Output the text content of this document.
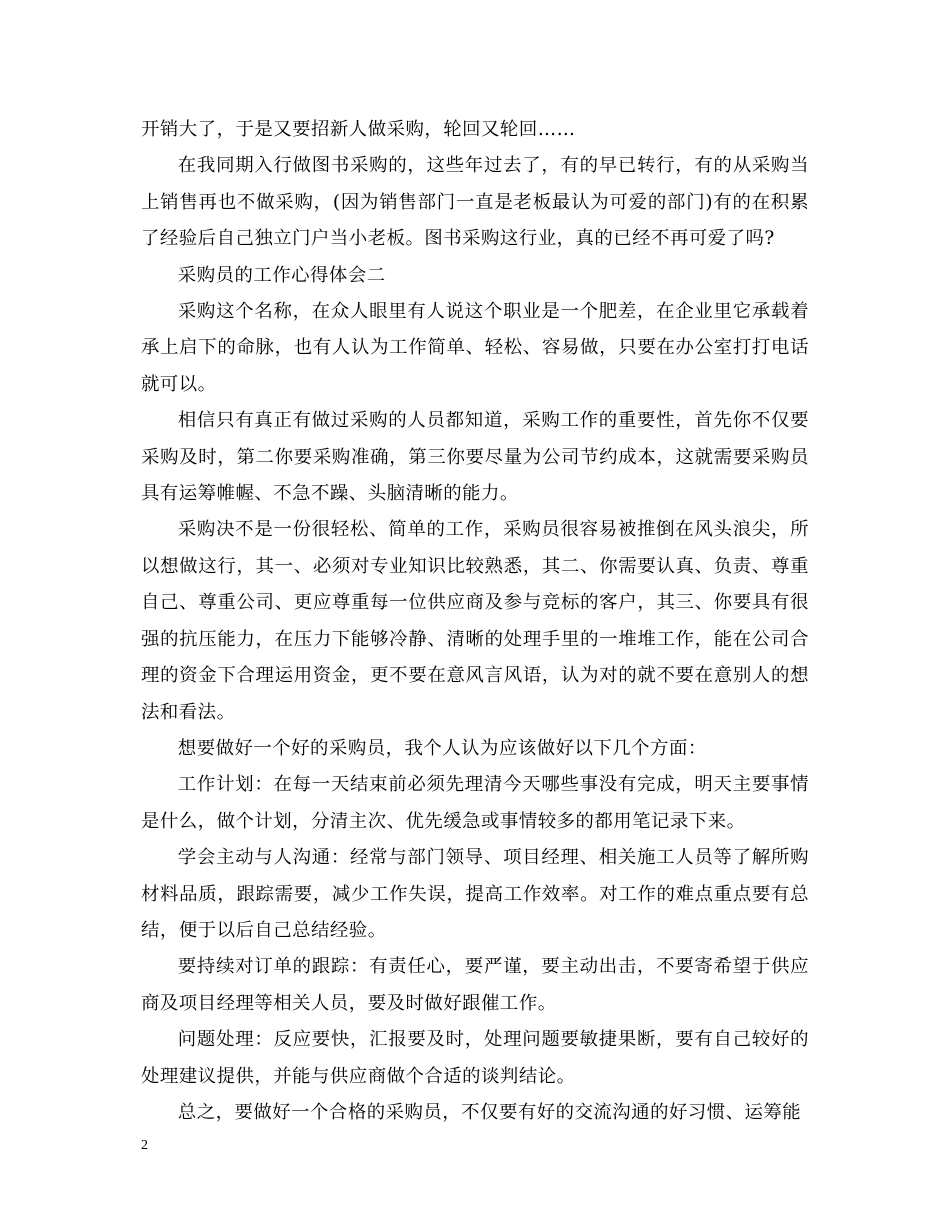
开销大了，于是又要招新人做采购，轮回又轮回……

在我同期入行做图书采购的，这些年过去了，有的早已转行，有的从采购当上销售再也不做采购，(因为销售部门一直是老板最认为可爱的部门)有的在积累了经验后自己独立门户当小老板。图书采购这行业，真的已经不再可爱了吗?

采购员的工作心得体会二

采购这个名称，在众人眼里有人说这个职业是一个肥差，在企业里它承载着承上启下的命脉，也有人认为工作简单、轻松、容易做，只要在办公室打打电话就可以。

相信只有真正有做过采购的人员都知道，采购工作的重要性，首先你不仅要采购及时，第二你要采购准确，第三你要尽量为公司节约成本，这就需要采购员具有运筹帷幄、不急不躁、头脑清晰的能力。

采购决不是一份很轻松、简单的工作，采购员很容易被推倒在风头浪尖，所以想做这行，其一、必须对专业知识比较熟悉，其二、你需要认真、负责、尊重自己、尊重公司、更应尊重每一位供应商及参与竞标的客户，其三、你要具有很强的抗压能力，在压力下能够冷静、清晰的处理手里的一堆堆工作，能在公司合理的资金下合理运用资金，更不要在意风言风语，认为对的就不要在意别人的想法和看法。

想要做好一个好的采购员，我个人认为应该做好以下几个方面：

工作计划：在每一天结束前必须先理清今天哪些事没有完成，明天主要事情是什么，做个计划，分清主次、优先缓急或事情较多的都用笔记录下来。

学会主动与人沟通：经常与部门领导、项目经理、相关施工人员等了解所购材料品质，跟踪需要，减少工作失误，提高工作效率。对工作的难点重点要有总结，便于以后自己总结经验。

要持续对订单的跟踪：有责任心，要严谨，要主动出击，不要寄希望于供应商及项目经理等相关人员，要及时做好跟催工作。

问题处理：反应要快，汇报要及时，处理问题要敏捷果断，要有自己较好的处理建议提供，并能与供应商做个合适的谈判结论。

总之，要做好一个合格的采购员，不仅要有好的交流沟通的好习惯、运筹能

2
